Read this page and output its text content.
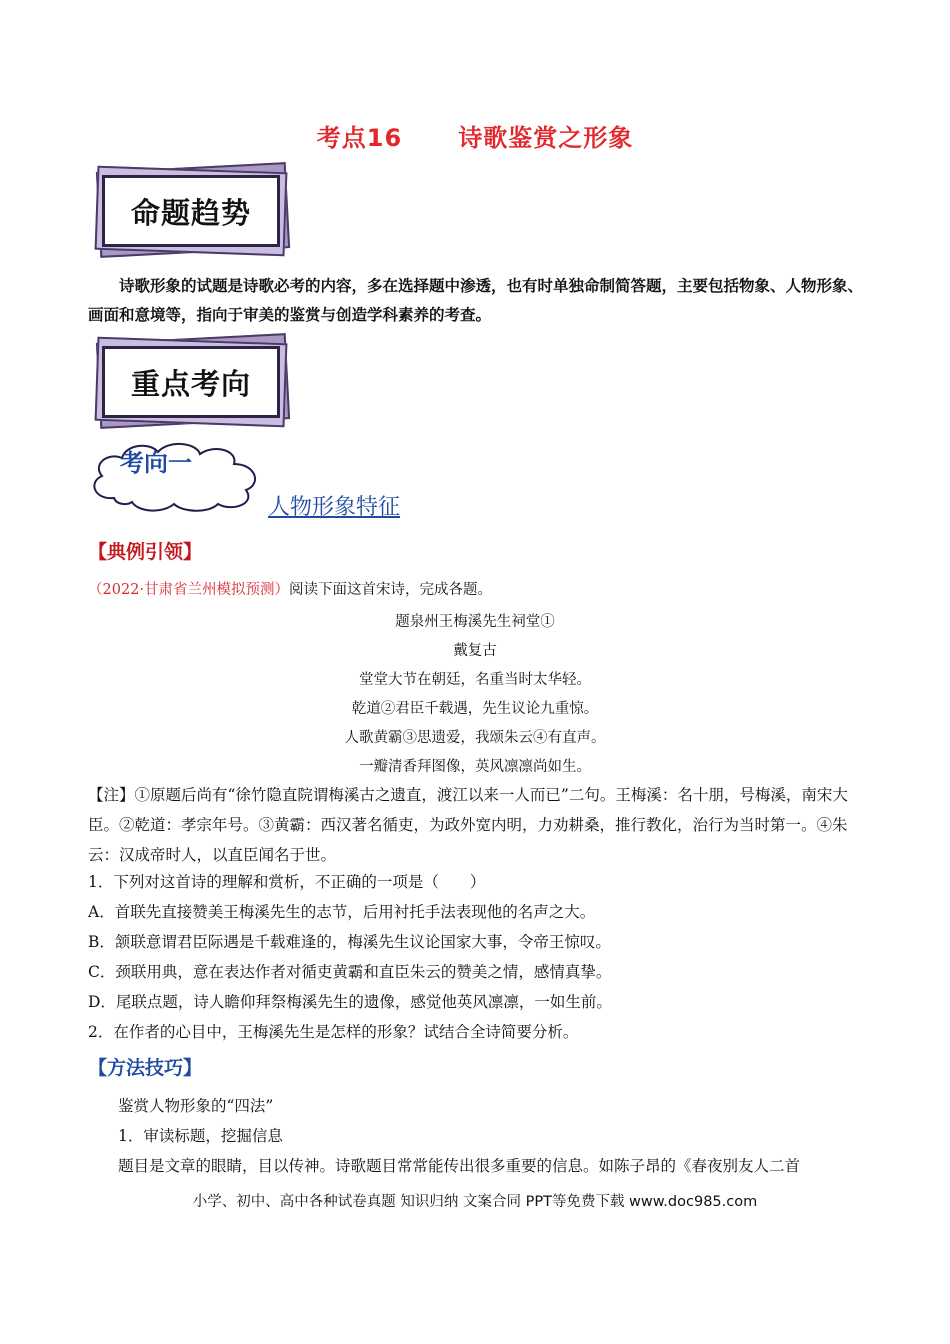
考点16 诗歌鉴赏之形象
命题趋势
诗歌形象的试题是诗歌必考的内容，多在选择题中渗透，也有时单独命制简答题，主要包括物象、人物形象、画面和意境等，指向于审美的鉴赏与创造学科素养的考查。
重点考向
考向一
人物形象特征
【典例引领】
（2022·甘肃省兰州模拟预测）阅读下面这首宋诗，完成各题。
题泉州王梅溪先生祠堂①
戴复古
堂堂大节在朝廷，名重当时太华轻。
乾道②君臣千载遇，先生议论九重惊。
人歌黄霸③思遗爱，我颂朱云④有直声。
一瓣清香拜图像，英风凛凛尚如生。
【注】①原题后尚有“徐竹隐直院谓梅溪古之遗直，渡江以来一人而已”二句。王梅溪：名十朋，号梅溪，南宋大臣。②乾道：孝宗年号。③黄霸：西汉著名循吏，为政外宽内明，力劝耕桑，推行教化，治行为当时第一。④朱云：汉成帝时人，以直臣闻名于世。
1．下列对这首诗的理解和赏析，不正确的一项是（　　）
A．首联先直接赞美王梅溪先生的志节，后用衬托手法表现他的名声之大。
B．颔联意谓君臣际遇是千载难逢的，梅溪先生议论国家大事，令帝王惊叹。
C．颈联用典，意在表达作者对循吏黄霸和直臣朱云的赞美之情，感情真挚。
D．尾联点题，诗人瞻仰拜祭梅溪先生的遗像，感觉他英风凛凛，一如生前。
2．在作者的心目中，王梅溪先生是怎样的形象？试结合全诗简要分析。
【方法技巧】
鉴赏人物形象的“四法”
1．审读标题，挖掘信息
题目是文章的眼睛，目以传神。诗歌题目常常能传出很多重要的信息。如陈子昂的《春夜别友人二首
小学、初中、高中各种试卷真题 知识归纳 文案合同 PPT等免费下载 www.doc985.com
